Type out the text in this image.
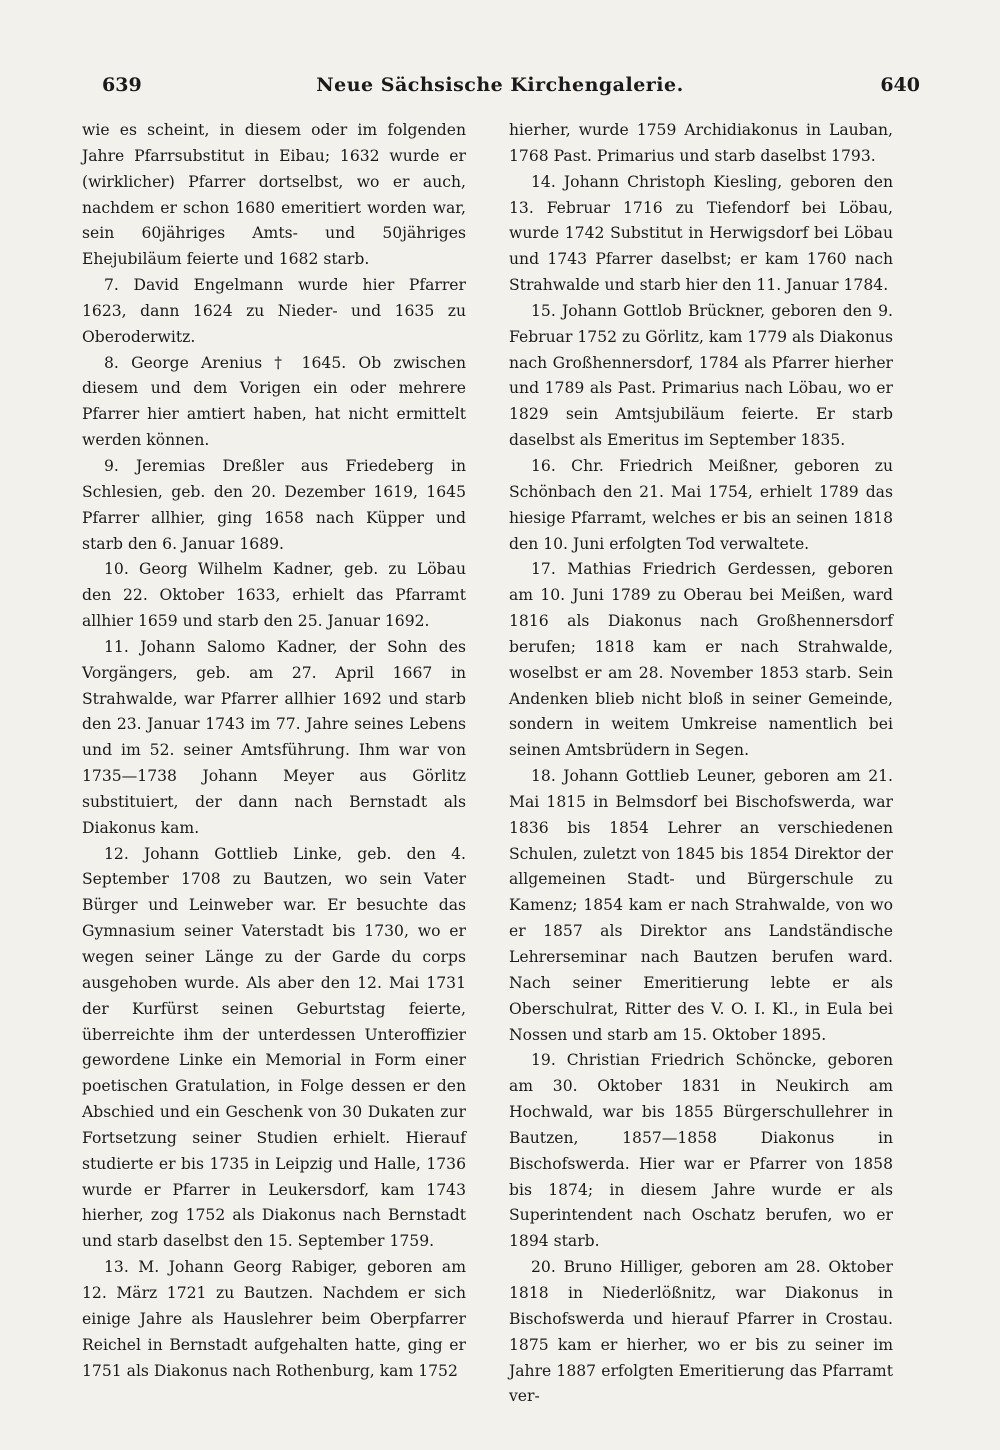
639	Neue Sächsische Kirchengalerie.	640

wie es scheint, in diesem oder im folgenden Jahre Pfarrsubstitut in Eibau; 1632 wurde er (wirklicher) Pfarrer dortselbst, wo er auch, nachdem er schon 1680 emeritiert worden war, sein 60jähriges Amts- und 50jähriges Ehejubiläum feierte und 1682 starb.

7. David Engelmann wurde hier Pfarrer 1623, dann 1624 zu Nieder- und 1635 zu Oberoderwitz.

8. George Arenius † 1645. Ob zwischen diesem und dem Vorigen ein oder mehrere Pfarrer hier amtiert haben, hat nicht ermittelt werden können.

9. Jeremias Dreßler aus Friedeberg in Schlesien, geb. den 20. Dezember 1619, 1645 Pfarrer allhier, ging 1658 nach Küpper und starb den 6. Januar 1689.

10. Georg Wilhelm Kadner, geb. zu Löbau den 22. Oktober 1633, erhielt das Pfarramt allhier 1659 und starb den 25. Januar 1692.

11. Johann Salomo Kadner, der Sohn des Vorgängers, geb. am 27. April 1667 in Strahwalde, war Pfarrer allhier 1692 und starb den 23. Januar 1743 im 77. Jahre seines Lebens und im 52. seiner Amtsführung. Ihm war von 1735—1738 Johann Meyer aus Görlitz substituiert, der dann nach Bernstadt als Diakonus kam.

12. Johann Gottlieb Linke, geb. den 4. September 1708 zu Bautzen, wo sein Vater Bürger und Leinweber war. Er besuchte das Gymnasium seiner Vaterstadt bis 1730, wo er wegen seiner Länge zu der Garde du corps ausgehoben wurde. Als aber den 12. Mai 1731 der Kurfürst seinen Geburtstag feierte, überreichte ihm der unterdessen Unteroffizier gewordene Linke ein Memorial in Form einer poetischen Gratulation, in Folge dessen er den Abschied und ein Geschenk von 30 Dukaten zur Fortsetzung seiner Studien erhielt. Hierauf studierte er bis 1735 in Leipzig und Halle, 1736 wurde er Pfarrer in Leukersdorf, kam 1743 hierher, zog 1752 als Diakonus nach Bernstadt und starb daselbst den 15. September 1759.

13. M. Johann Georg Rabiger, geboren am 12. März 1721 zu Bautzen. Nachdem er sich einige Jahre als Hauslehrer beim Oberpfarrer Reichel in Bernstadt aufgehalten hatte, ging er 1751 als Diakonus nach Rothenburg, kam 1752

hierher, wurde 1759 Archidiakonus in Lauban, 1768 Past. Primarius und starb daselbst 1793.

14. Johann Christoph Kiesling, geboren den 13. Februar 1716 zu Tiefendorf bei Löbau, wurde 1742 Substitut in Herwigsdorf bei Löbau und 1743 Pfarrer daselbst; er kam 1760 nach Strahwalde und starb hier den 11. Januar 1784.

15. Johann Gottlob Brückner, geboren den 9. Februar 1752 zu Görlitz, kam 1779 als Diakonus nach Großhennersdorf, 1784 als Pfarrer hierher und 1789 als Past. Primarius nach Löbau, wo er 1829 sein Amtsjubiläum feierte. Er starb daselbst als Emeritus im September 1835.

16. Chr. Friedrich Meißner, geboren zu Schönbach den 21. Mai 1754, erhielt 1789 das hiesige Pfarramt, welches er bis an seinen 1818 den 10. Juni erfolgten Tod verwaltete.

17. Mathias Friedrich Gerdessen, geboren am 10. Juni 1789 zu Oberau bei Meißen, ward 1816 als Diakonus nach Großhennersdorf berufen; 1818 kam er nach Strahwalde, woselbst er am 28. November 1853 starb. Sein Andenken blieb nicht bloß in seiner Gemeinde, sondern in weitem Umkreise namentlich bei seinen Amtsbrüdern in Segen.

18. Johann Gottlieb Leuner, geboren am 21. Mai 1815 in Belmsdorf bei Bischofswerda, war 1836 bis 1854 Lehrer an verschiedenen Schulen, zuletzt von 1845 bis 1854 Direktor der allgemeinen Stadt- und Bürgerschule zu Kamenz; 1854 kam er nach Strahwalde, von wo er 1857 als Direktor ans Landständische Lehrerseminar nach Bautzen berufen ward. Nach seiner Emeritierung lebte er als Oberschulrat, Ritter des V. O. I. Kl., in Eula bei Nossen und starb am 15. Oktober 1895.

19. Christian Friedrich Schöncke, geboren am 30. Oktober 1831 in Neukirch am Hochwald, war bis 1855 Bürgerschullehrer in Bautzen, 1857—1858 Diakonus in Bischofswerda. Hier war er Pfarrer von 1858 bis 1874; in diesem Jahre wurde er als Superintendent nach Oschatz berufen, wo er 1894 starb.

20. Bruno Hilliger, geboren am 28. Oktober 1818 in Niederlößnitz, war Diakonus in Bischofswerda und hierauf Pfarrer in Crostau. 1875 kam er hierher, wo er bis zu seiner im Jahre 1887 erfolgten Emeritierung das Pfarramt ver-
